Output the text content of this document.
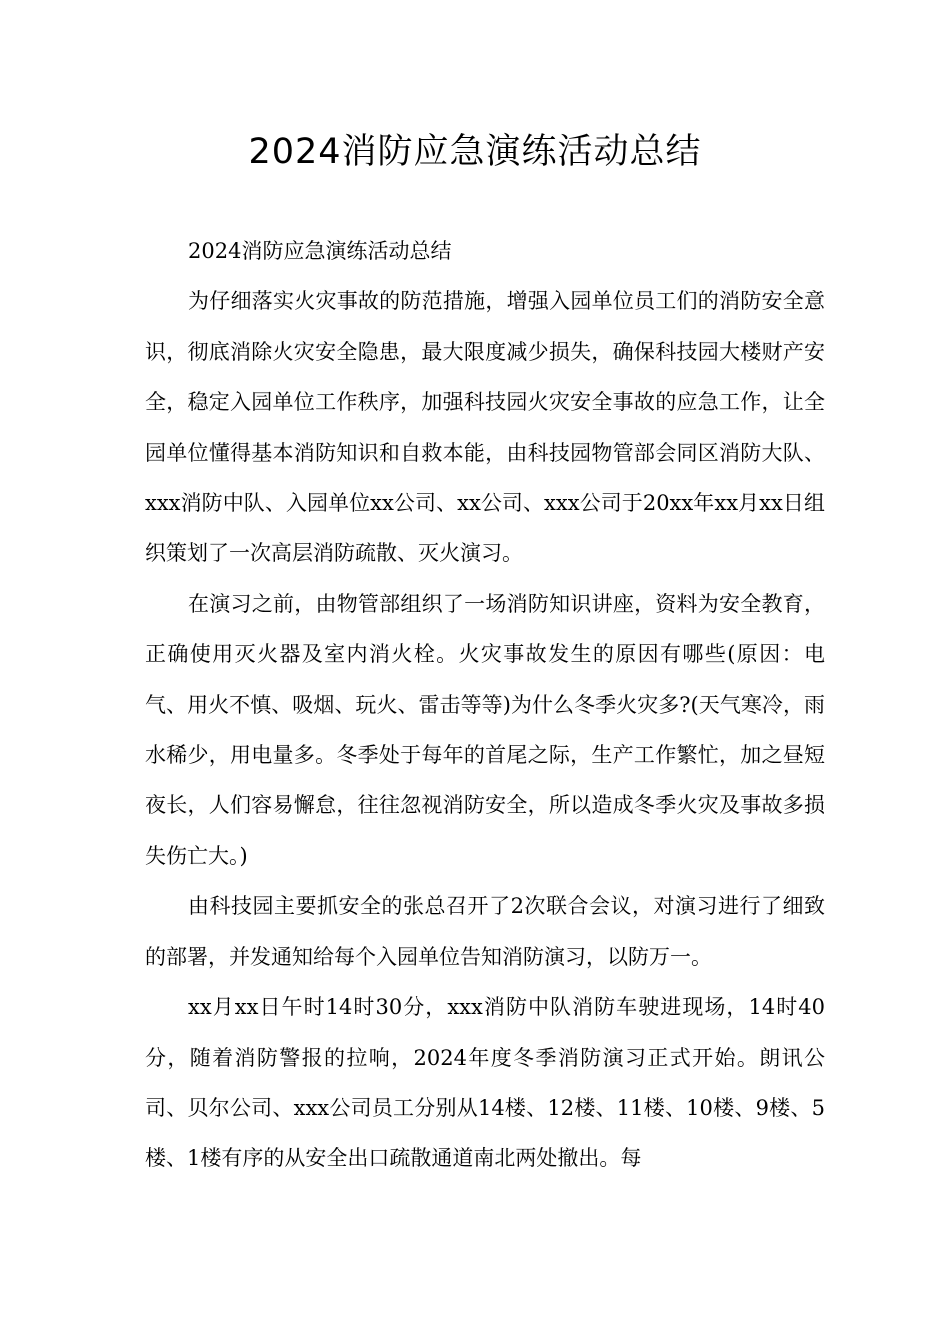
2024消防应急演练活动总结

2024消防应急演练活动总结

为仔细落实火灾事故的防范措施，增强入园单位员工们的消防安全意识，彻底消除火灾安全隐患，最大限度减少损失，确保科技园大楼财产安全，稳定入园单位工作秩序，加强科技园火灾安全事故的应急工作，让全园单位懂得基本消防知识和自救本能，由科技园物管部会同区消防大队、xxx消防中队、入园单位xx公司、xx公司、xxx公司于20xx年xx月xx日组织策划了一次高层消防疏散、灭火演习。

在演习之前，由物管部组织了一场消防知识讲座，资料为安全教育，正确使用灭火器及室内消火栓。火灾事故发生的原因有哪些(原因：电气、用火不慎、吸烟、玩火、雷击等等)为什么冬季火灾多?(天气寒冷，雨水稀少，用电量多。冬季处于每年的首尾之际，生产工作繁忙，加之昼短夜长，人们容易懈怠，往往忽视消防安全，所以造成冬季火灾及事故多损失伤亡大。)

由科技园主要抓安全的张总召开了2次联合会议，对演习进行了细致的部署，并发通知给每个入园单位告知消防演习，以防万一。

xx月xx日午时14时30分，xxx消防中队消防车驶进现场，14时40分，随着消防警报的拉响，2024年度冬季消防演习正式开始。朗讯公司、贝尔公司、xxx公司员工分别从14楼、12楼、11楼、10楼、9楼、5楼、1楼有序的从安全出口疏散通道南北两处撤出。每
